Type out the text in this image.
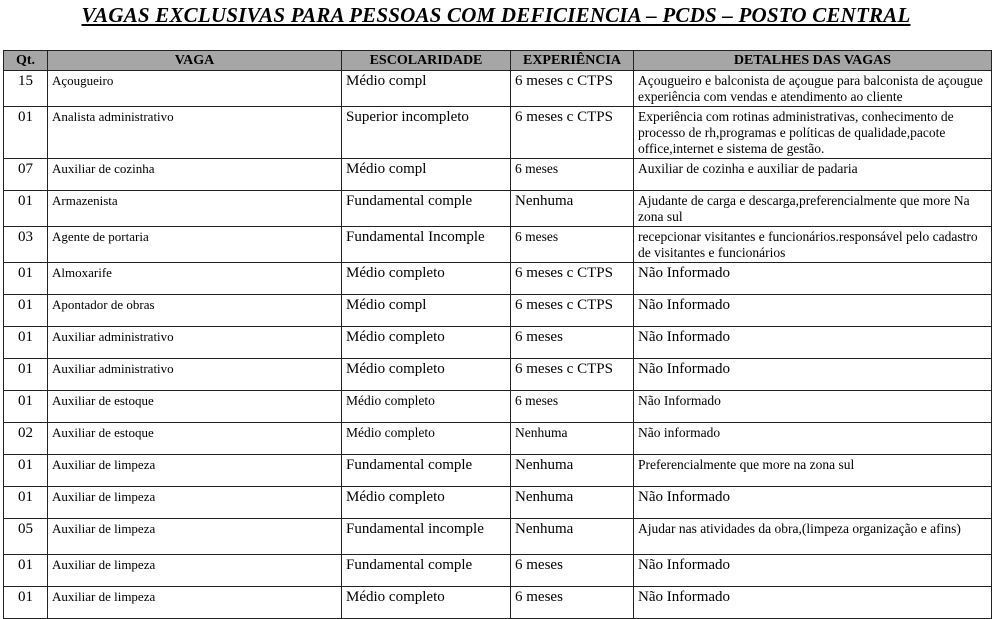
VAGAS EXCLUSIVAS PARA PESSOAS COM DEFICIENCIA – PCDS – POSTO CENTRAL
Qt.	VAGA	ESCOLARIDADE	EXPERIÊNCIA	DETALHES DAS VAGAS
15	Açougueiro	Médio compl	6 meses c CTPS	Açougueiro e balconista de açougue para balconista de açougue experiência com vendas e atendimento ao cliente
01	Analista administrativo	Superior incompleto	6 meses c CTPS	Experiência com rotinas administrativas, conhecimento de processo de rh,programas e políticas de qualidade,pacote office,internet e sistema de gestão.
07	Auxiliar de cozinha	Médio compl	6 meses	Auxiliar de cozinha e auxiliar de padaria
01	Armazenista	Fundamental comple	Nenhuma	Ajudante de carga e descarga,preferencialmente que more Na zona sul
03	Agente de portaria	Fundamental Incomple	6 meses	recepcionar visitantes e funcionários.responsável pelo cadastro de visitantes e funcionários
01	Almoxarife	Médio completo	6 meses c CTPS	Não Informado
01	Apontador de obras	Médio compl	6 meses c CTPS	Não Informado
01	Auxiliar administrativo	Médio completo	6 meses	Não Informado
01	Auxiliar administrativo	Médio completo	6 meses c CTPS	Não Informado
01	Auxiliar de estoque	Médio completo	6 meses	Não Informado
02	Auxiliar de estoque	Médio completo	Nenhuma	Não informado
01	Auxiliar de limpeza	Fundamental comple	Nenhuma	Preferencialmente que more na zona sul
01	Auxiliar de limpeza	Médio completo	Nenhuma	Não Informado
05	Auxiliar de limpeza	Fundamental incomple	Nenhuma	Ajudar nas atividades da obra,(limpeza organização e afins)
01	Auxiliar de limpeza	Fundamental comple	6 meses	Não Informado
01	Auxiliar de limpeza	Médio completo	6 meses	Não Informado
